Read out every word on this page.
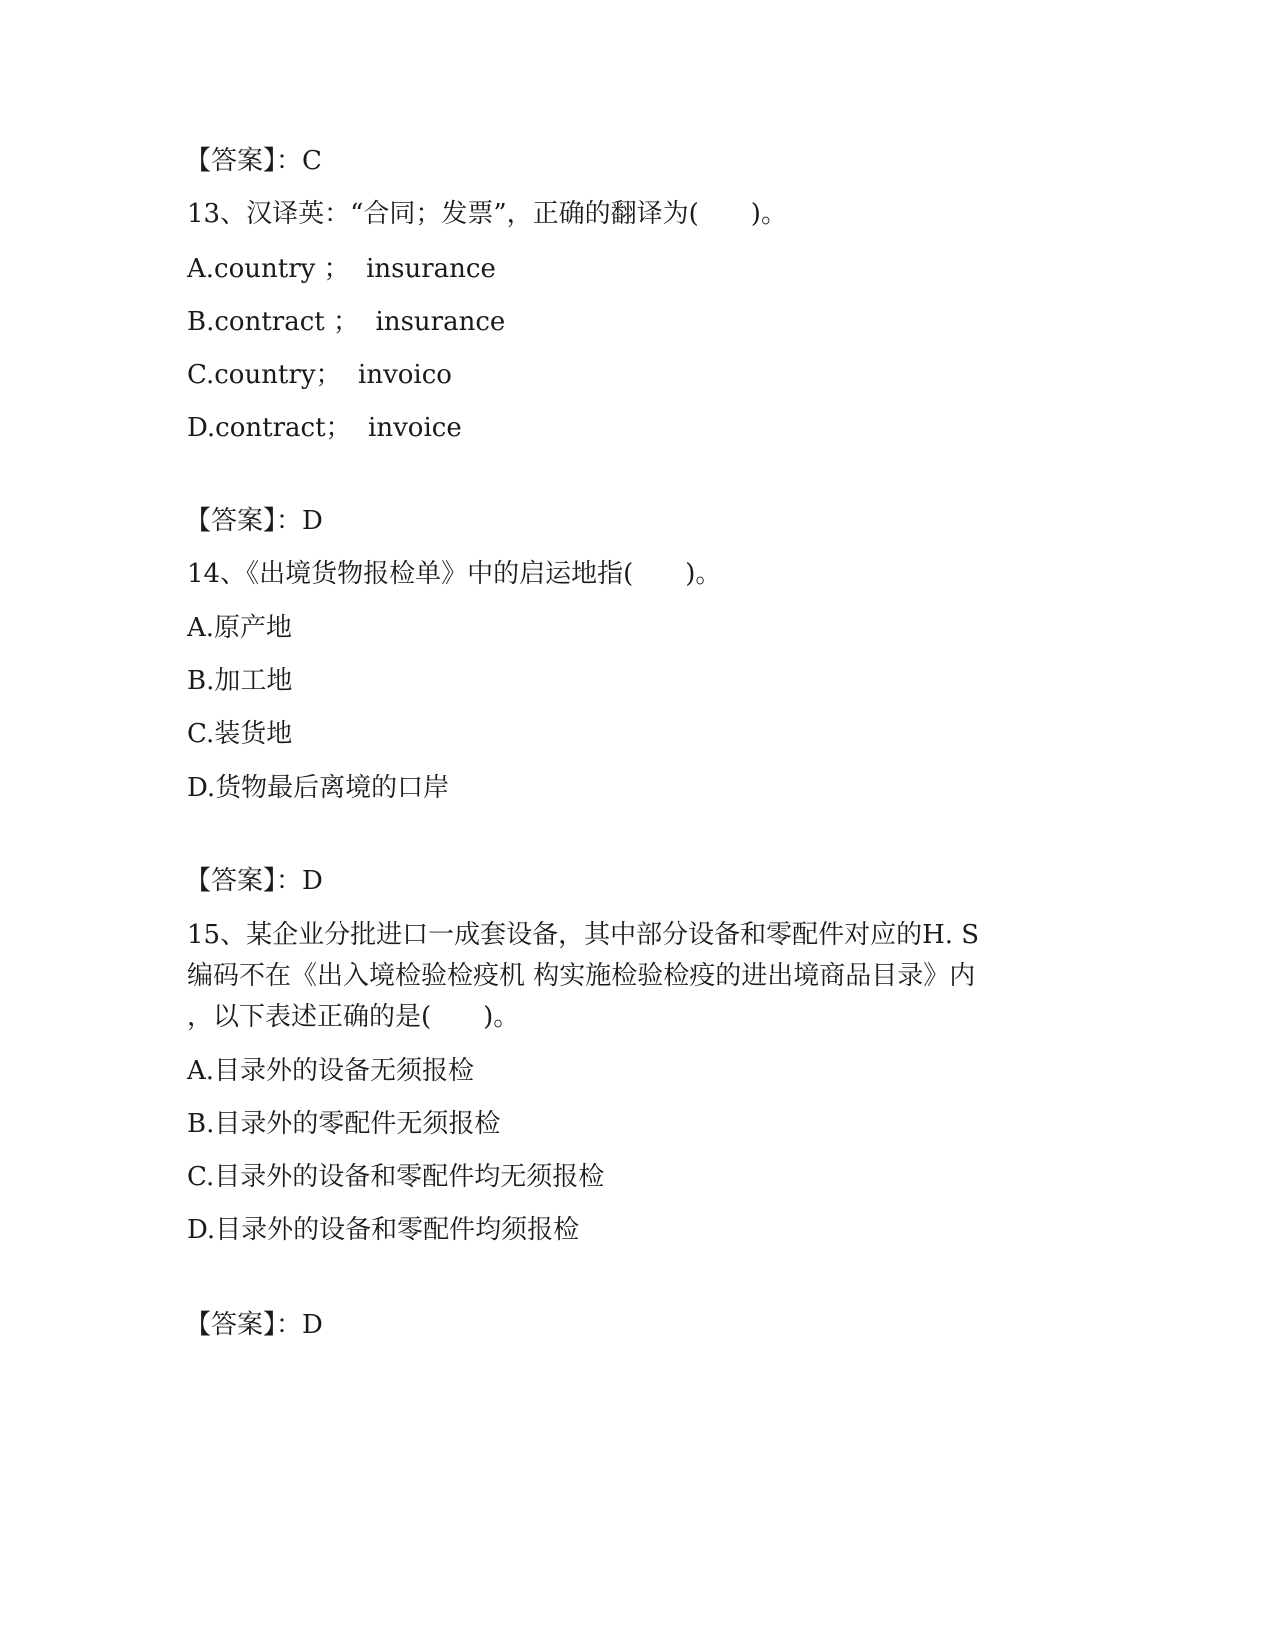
【答案】：C

13、汉译英：“合同；发票”，正确的翻译为(　　)。

A.country ；  insurance

B.contract ；  insurance

C.country；  invoico

D.contract；  invoice

【答案】：D

14、《出境货物报检单》中的启运地指(　　)。

A.原产地

B.加工地

C.装货地

D.货物最后离境的口岸

【答案】：D

15、某企业分批进口一成套设备，其中部分设备和零配件对应的H. S

编码不在《出入境检验检疫机 构实施检验检疫的进出境商品目录》内

，以下表述正确的是(　　)。

A.目录外的设备无须报检

B.目录外的零配件无须报检

C.目录外的设备和零配件均无须报检

D.目录外的设备和零配件均须报检

【答案】：D
